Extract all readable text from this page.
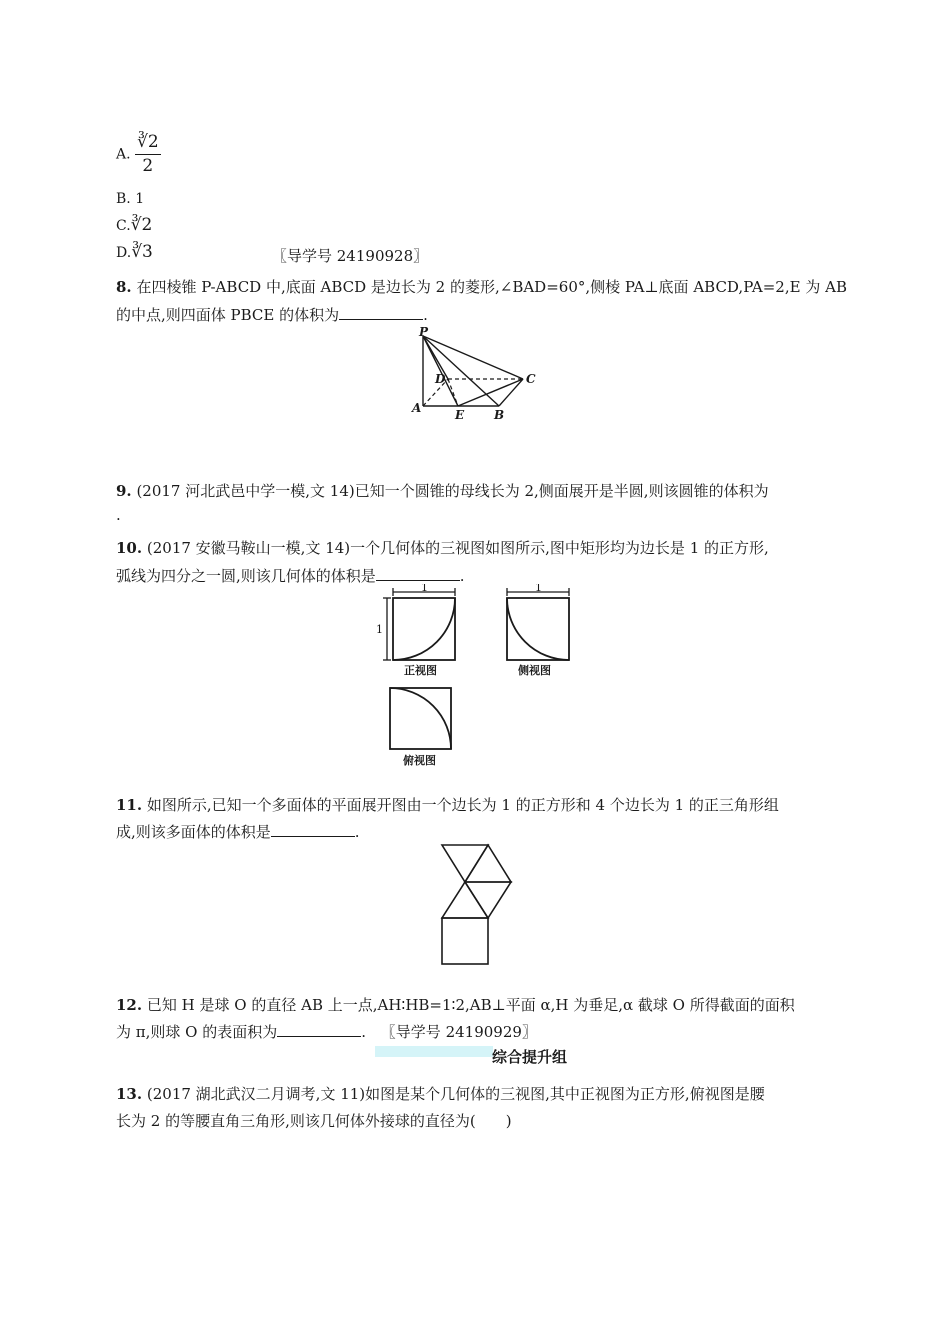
A. $\frac{∛2}{2}$
B. 1
C.∛2
D.∛3	〖导学号 24190928〗
8. 在四棱锥 P-ABCD 中,底面 ABCD 是边长为 2 的菱形,∠BAD=60°,侧棱 PA⊥底面 ABCD,PA=2,E 为 AB
的中点,则四面体 PBCE 的体积为	.
P
D	C
A	E B
9. (2017 河北武邑中学一模,文 14)已知一个圆锥的母线长为 2,侧面展开是半圆,则该圆锥的体积为
.
10. (2017 安徽马鞍山一模,文 14)一个几何体的三视图如图所示,图中矩形均为边长是 1 的正方形,
弧线为四分之一圆,则该几何体的体积是	.
1
1
1
正视图	侧视图
俯视图
11. 如图所示,已知一个多面体的平面展开图由一个边长为 1 的正方形和 4 个边长为 1 的正三角形组
成,则该多面体的体积是	.
12. 已知 H 是球 O 的直径 AB 上一点,AH∶HB=1∶2,AB⊥平面 α,H 为垂足,α 截球 O 所得截面的面积
为 π,则球 O 的表面积为	. 〖导学号 24190929〗
综合提升组
13. (2017 湖北武汉二月调考,文 11)如图是某个几何体的三视图,其中正视图为正方形,俯视图是腰
长为 2 的等腰直角三角形,则该几何体外接球的直径为(　　)
